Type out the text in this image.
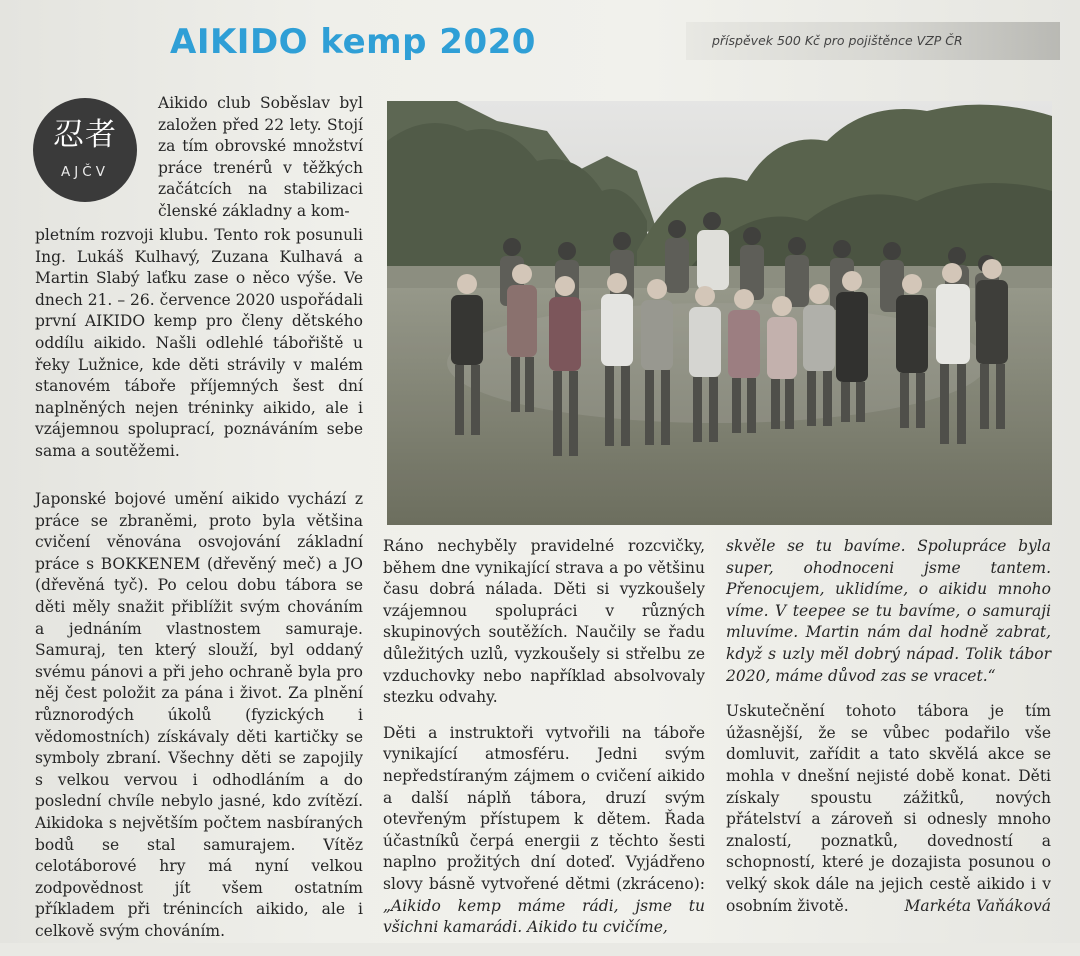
AIKIDO kemp 2020	příspěvek 500 Kč pro pojištěnce VZP ČR
忍者
AJČV

Aikido club Soběslav byl založen před 22 lety. Stojí za tím obrovské množství práce trenérů v těžkých začátcích na stabilizaci členské základny a kom-

pletním rozvoji klubu. Tento rok posunuli Ing. Lukáš Kulhavý, Zuzana Kulhavá a Martin Slabý laťku zase o něco výše. Ve dnech 21. – 26. července 2020 uspořádali první AIKIDO kemp pro členy dětského oddílu aikido. Našli odlehlé tábořiště u řeky Lužnice, kde děti strávily v malém stanovém táboře příjemných šest dní naplněných nejen tréninky aikido, ale i vzájemnou spoluprací, poznáváním sebe sama a soutěžemi.

Japonské bojové umění aikido vychází z práce se zbraněmi, proto byla většina cvičení věnována osvojování základní práce s BOKKENEM (dřevěný meč) a JO (dřevěná tyč). Po celou dobu tábora se děti měly snažit přiblížit svým chováním a jednáním vlastnostem samuraje. Samuraj, ten který slouží, byl oddaný svému pánovi a při jeho ochraně byla pro něj čest položit za pána i život. Za plnění různorodých úkolů (fyzických i vědomostních) získávaly děti kartičky se symboly zbraní. Všechny děti se zapojily s velkou vervou i odhodláním a do poslední chvíle nebylo jasné, kdo zvítězí. Aikidoka s největším počtem nasbíraných bodů se stal samurajem. Vítěz celotáborové hry má nyní velkou zodpovědnost jít všem ostatním příkladem při trénincích aikido, ale i celkově svým chováním.

Ráno nechyběly pravidelné rozcvičky, během dne vynikající strava a po většinu času dobrá nálada. Děti si vyzkoušely vzájemnou spolupráci v různých skupinových soutěžích. Naučily se řadu důležitých uzlů, vyzkoušely si střelbu ze vzduchovky nebo například absolvovaly stezku odvahy.

Děti a instruktoři vytvořili na táboře vynikající atmosféru. Jedni svým nepředstíraným zájmem o cvičení aikido a další náplň tábora, druzí svým otevřeným přístupem k dětem. Řada účastníků čerpá energii z těchto šesti naplno prožitých dní doteď. Vyjádřeno slovy básně vytvořené dětmi (zkráceno): „Aikido kemp máme rádi, jsme tu všichni kamarádi. Aikido tu cvičíme,

skvěle se tu bavíme. Spolupráce byla super, ohodnoceni jsme tantem. Přenocujem, uklidíme, o aikidu mnoho víme. V teepee se tu bavíme, o samuraji mluvíme. Martin nám dal hodně zabrat, když s uzly měl dobrý nápad. Tolik tábor 2020, máme důvod zas se vracet.“

Uskutečnění tohoto tábora je tím úžasnější, že se vůbec podařilo vše domluvit, zařídit a tato skvělá akce se mohla v dnešní nejisté době konat. Děti získaly spoustu zážitků, nových přátelství a zároveň si odnesly mnoho znalostí, poznatků, dovedností a schopností, které je dozajista posunou o velký skok dále na jejich cestě aikido i v osobním životě.	Markéta Vaňáková
